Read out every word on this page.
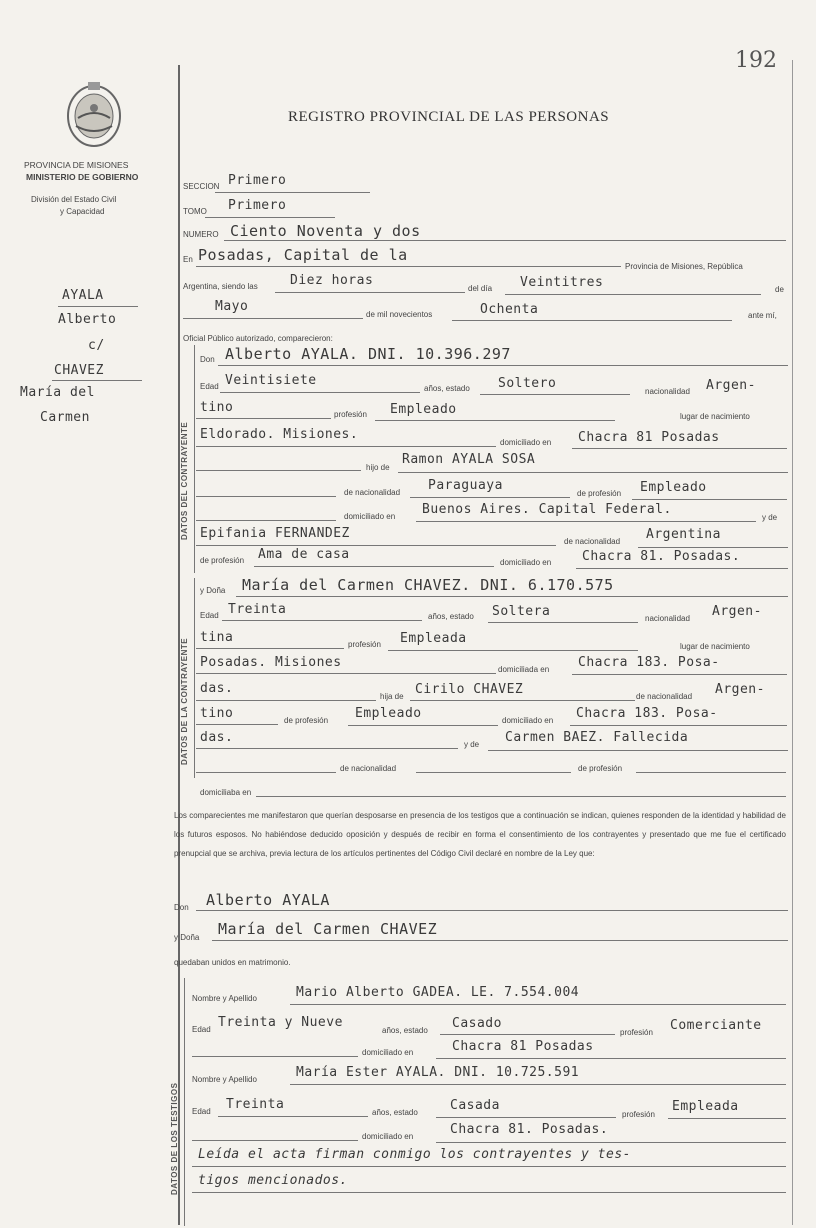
192
PROVINCIA DE MISIONES
MINISTERIO DE GOBIERNO
División del Estado Civil
y Capacidad
AYALA
Alberto
c/
CHAVEZ
María del
Carmen
REGISTRO PROVINCIAL DE LAS PERSONAS
SECCION Primero
TOMO Primero
NUMERO Ciento Noventa y dos
En Posadas, Capital de la
Provincia de Misiones, República
Argentina, siendo las Diez horas
del día Veintitres	de
Mayo
de mil novecientos	Ochenta	ante mí,
Oficial Público autorizado, comparecieron:
DATOS DEL CONTRAYENTE
Don Alberto AYALA. DNI. 10.396.297
Edad Veintisiete
años, estado Soltero
nacionalidad Argen-
tino	profesión Empleado	lugar de nacimiento
Eldorado. Misiones.
domiciliado en Chacra 81 Posadas
hijo de
Ramon AYALA SOSA
de nacionalidad Paraguaya
de profesión Empleado
domiciliado en Buenos Aires. Capital Federal.
y de
Epifania FERNANDEZ
de nacionalidad Argentina
de profesión Ama de casa
domiciliado en Chacra 81. Posadas.
DATOS DE LA CONTRAYENTE
y Doña María del Carmen CHAVEZ. DNI. 6.170.575
Edad Treinta	años, estado Soltera	nacionalidad Argen-
tina	profesión Empleada
lugar de nacimiento
Posadas. Misiones	domiciliada en Chacra 183. Posa-
das.
hija de Cirilo CHAVEZ	de nacionalidad Argen-
tino	de profesión Empleado	domiciliado en Chacra 183. Posa-
das.	y de Carmen BAEZ. Fallecida
de nacionalidad	de profesión
domiciliaba en
Los comparecientes me manifestaron que querían desposarse en presencia de los testigos que a continuación se indican, quienes responden de la identidad y habilidad de los futuros esposos. No habiéndose deducido oposición y después de recibir en forma el consentimiento de los contrayentes y presentado que me fue el certificado prenupcial que se archiva, previa lectura de los artículos pertinentes del Código Civil declaré en nombre de la Ley que:
Don Alberto AYALA
y Doña María del Carmen CHAVEZ
quedaban unidos en matrimonio.
DATOS DE LOS TESTIGOS
Nombre y Apellido	Mario Alberto GADEA. LE. 7.554.004
Edad Treinta y Nueve
años, estado Casado
profesión Comerciante
domiciliado en	Chacra 81 Posadas
Nombre y Apellido	María Ester AYALA. DNI. 10.725.591
Edad Treinta
años, estado Casada
profesión
Empleada
domiciliado en	Chacra 81. Posadas.
Leída el acta firman conmigo los contrayentes y tes-
tigos mencionados.
